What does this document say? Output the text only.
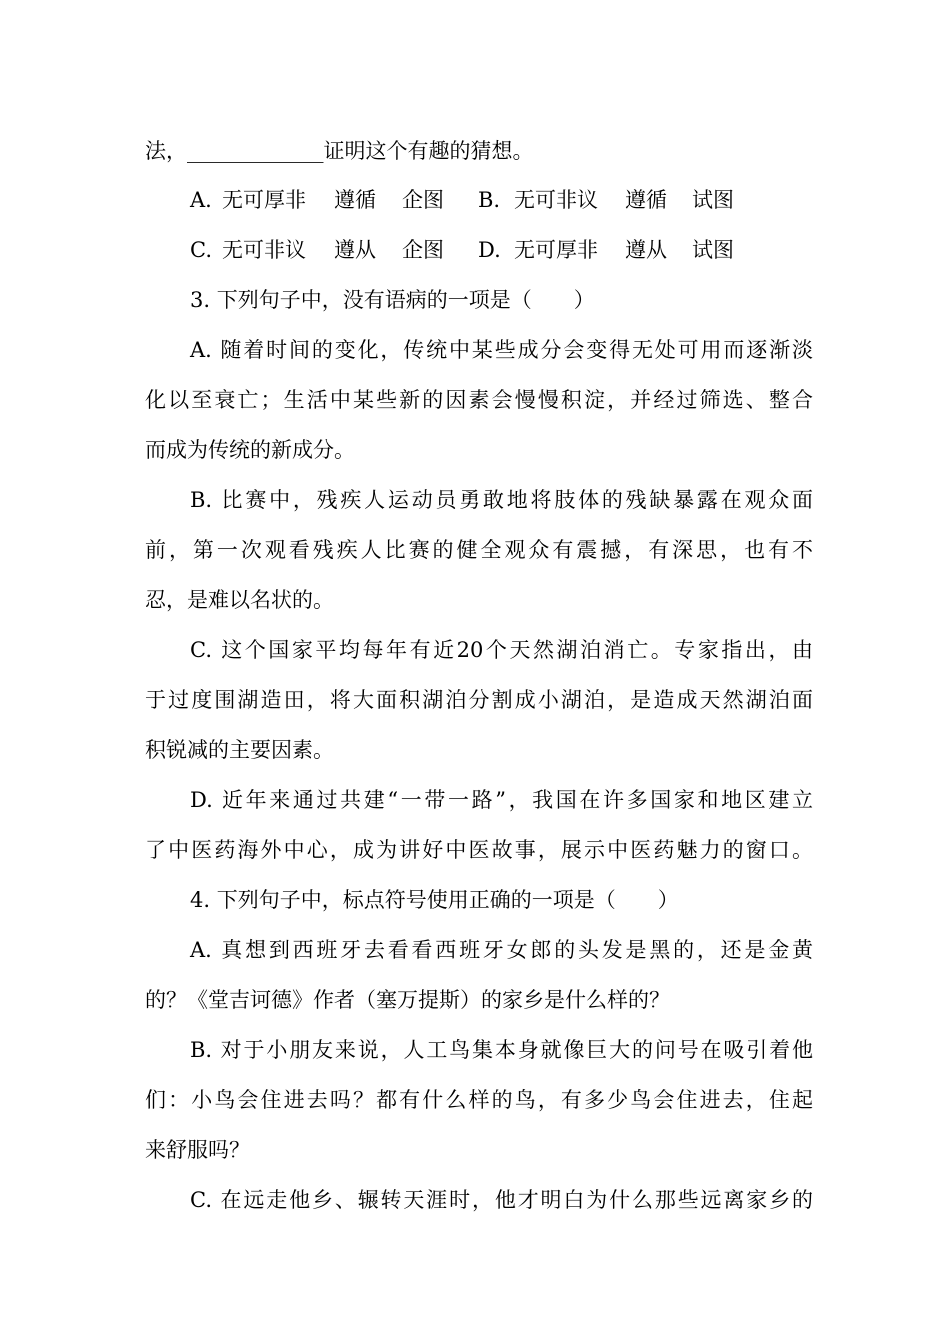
法，_____________证明这个有趣的猜想。
A. 无可厚非 遵循 企图 B. 无可非议 遵循 试图
C. 无可非议 遵从 企图 D. 无可厚非 遵从 试图
3. 下列句子中，没有语病的一项是（　　）
A. 随着时间的变化，传统中某些成分会变得无处可用而逐渐淡
化以至衰亡；生活中某些新的因素会慢慢积淀，并经过筛选、整合
而成为传统的新成分。
B. 比赛中，残疾人运动员勇敢地将肢体的残缺暴露在观众面
前，第一次观看残疾人比赛的健全观众有震撼，有深思，也有不
忍，是难以名状的。
C. 这个国家平均每年有近20个天然湖泊消亡。专家指出，由
于过度围湖造田，将大面积湖泊分割成小湖泊，是造成天然湖泊面
积锐减的主要因素。
D. 近年来通过共建“一带一路”，我国在许多国家和地区建立
了中医药海外中心，成为讲好中医故事，展示中医药魅力的窗口。
4. 下列句子中，标点符号使用正确的一项是（　　）
A. 真想到西班牙去看看西班牙女郎的头发是黑的，还是金黄
的？《堂吉诃德》作者（塞万提斯）的家乡是什么样的？
B. 对于小朋友来说，人工鸟集本身就像巨大的问号在吸引着他
们：小鸟会住进去吗？都有什么样的鸟，有多少鸟会住进去，住起
来舒服吗？
C. 在远走他乡、辗转天涯时，他才明白为什么那些远离家乡的
